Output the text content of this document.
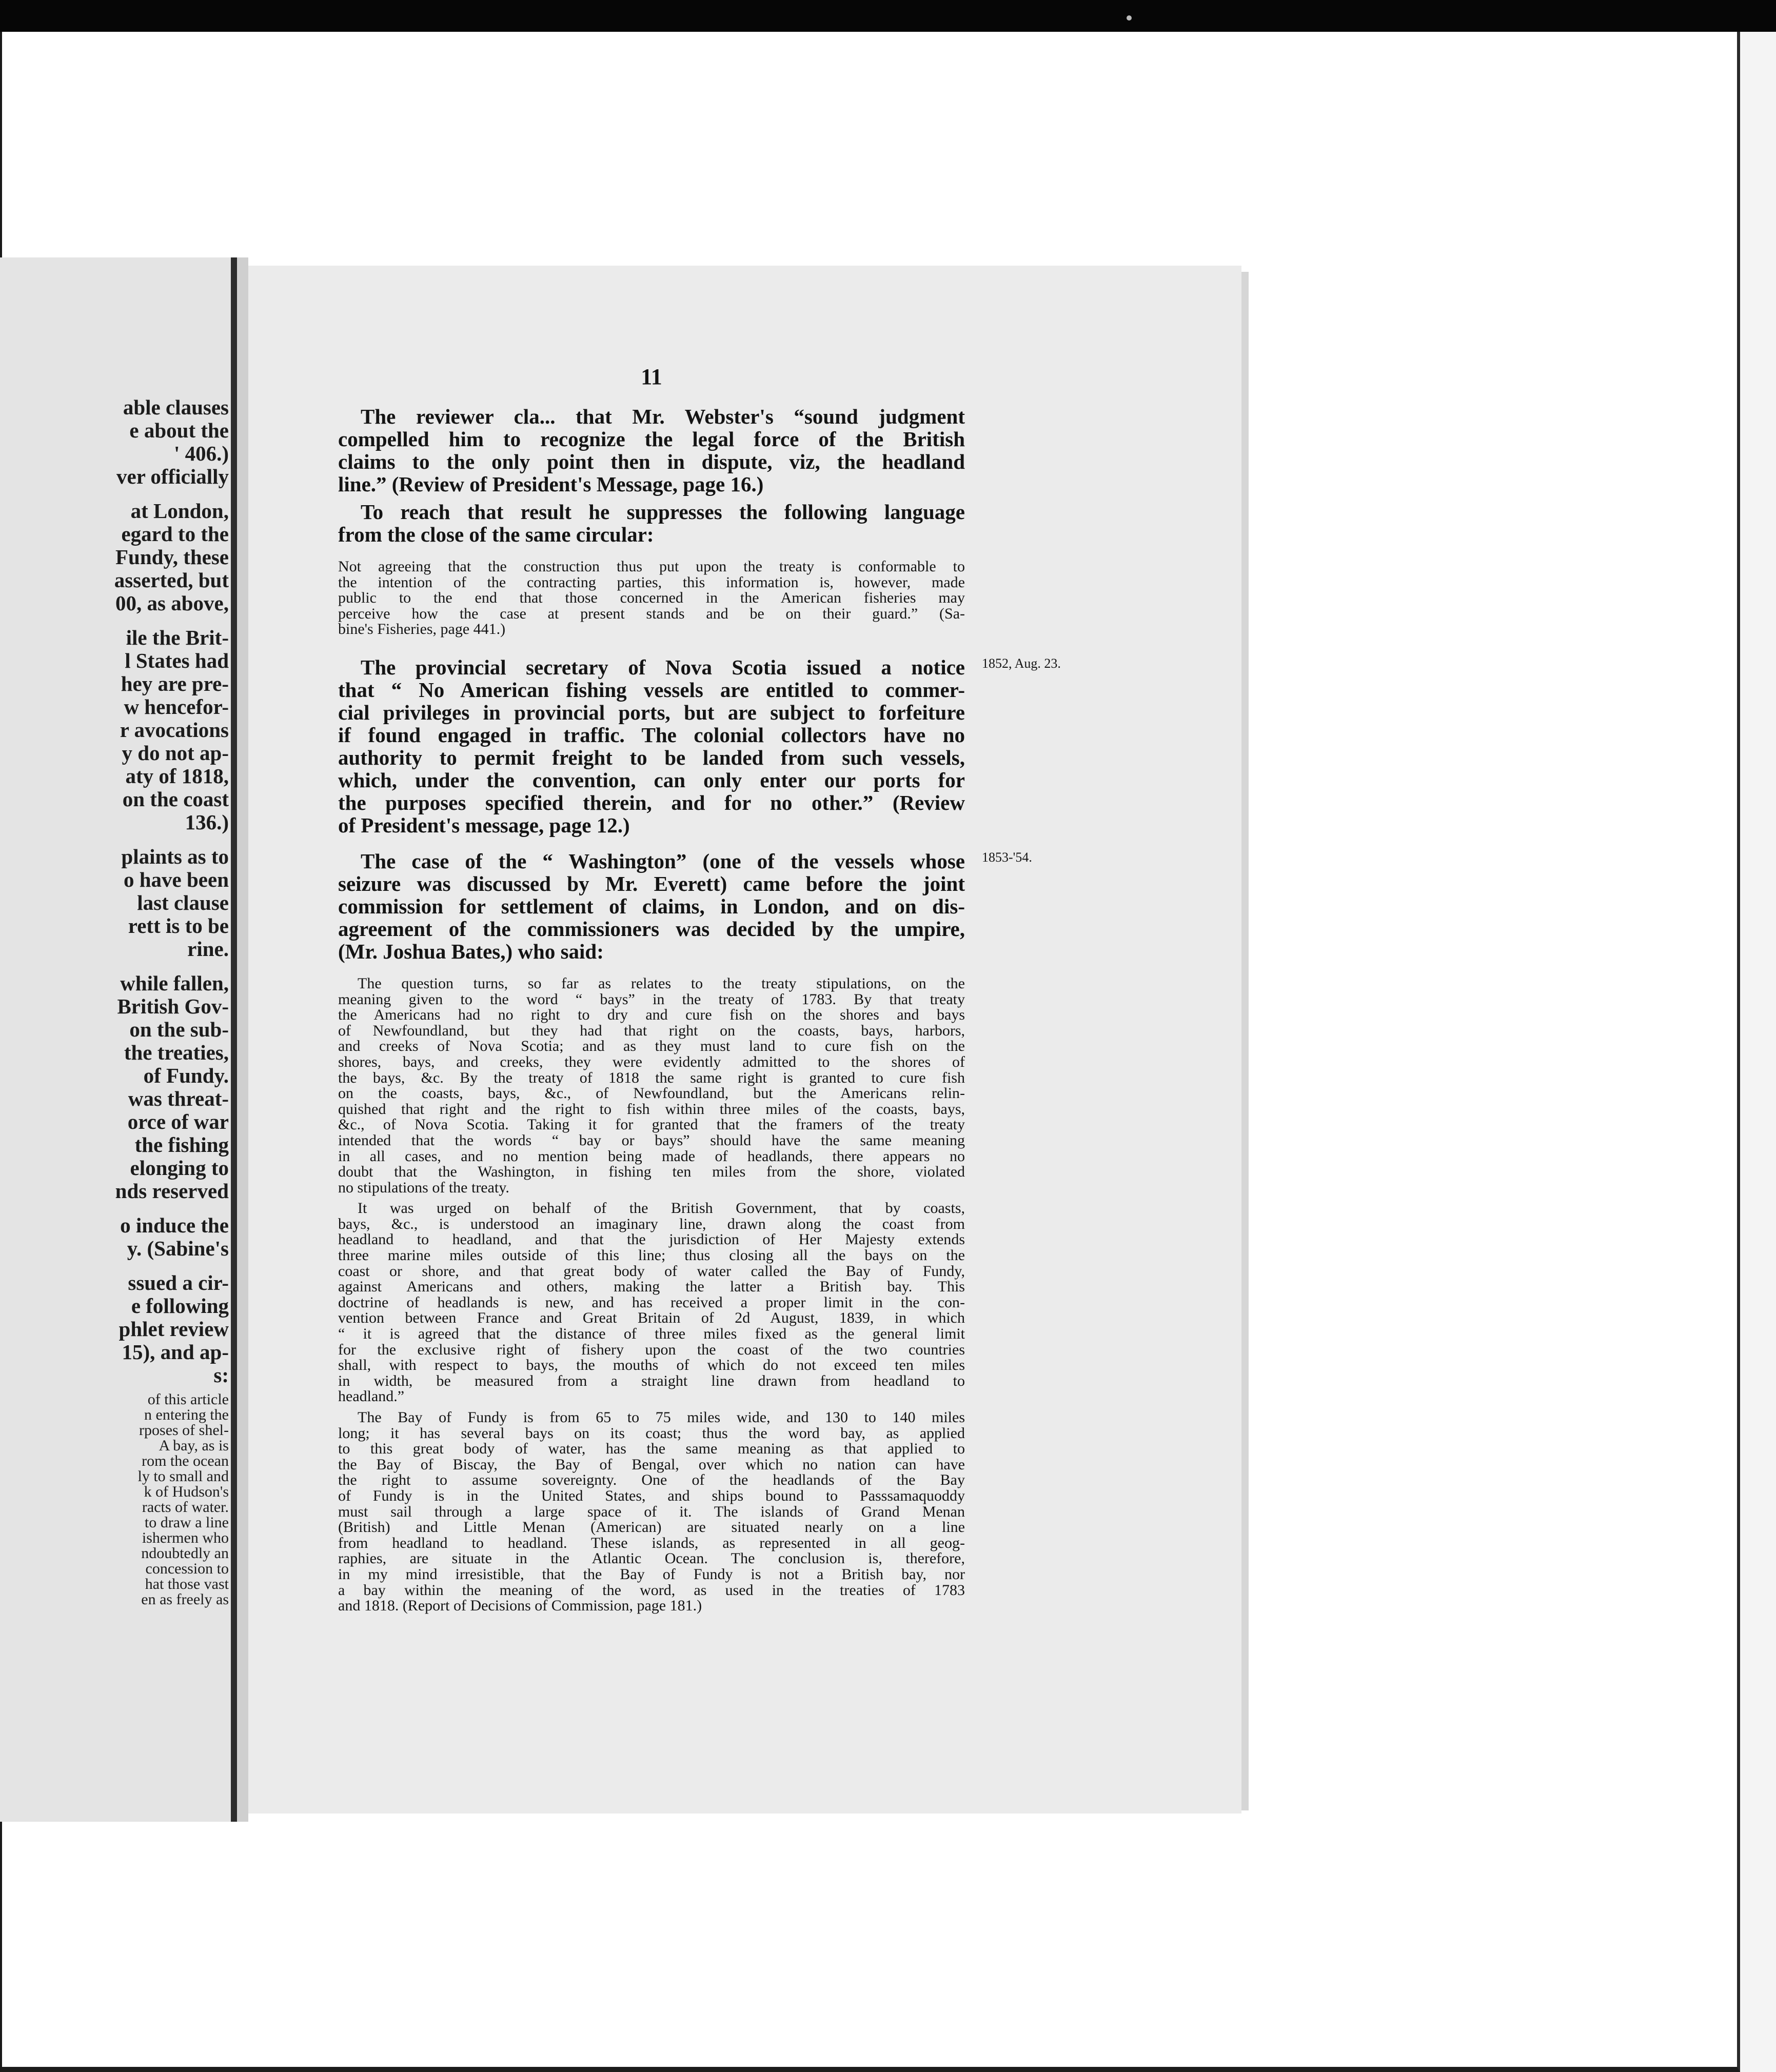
able clauses
e about the
' 406.)
ver officially
at London,
egard to the
Fundy, these
asserted, but
00, as above,
ile the Brit-
l States had
hey are pre-
w hencefor-
r avocations
y do not ap-
aty of 1818,
on the coast
136.)
plaints as to
o have been
last clause
rett is to be
rine.
while fallen,
British Gov-
on the sub-
the treaties,
of Fundy.
was threat-
orce of war
the fishing
elonging to
nds reserved
o induce the
y. (Sabine's
ssued a cir-
e following
phlet review
15), and ap-
s:
of this article
n entering the
rposes of shel-
A bay, as is
rom the ocean
ly to small and
k of Hudson's
racts of water.
to draw a line
ishermen who
ndoubtedly an
concession to
hat those vast
en as freely as
11
The reviewer cla... that Mr. Webster's “sound judgment
compelled him to recognize the legal force of the British
claims to the only point then in dispute, viz, the headland
line.” (Review of President's Message, page 16.)
To reach that result he suppresses the following language
from the close of the same circular:
Not agreeing that the construction thus put upon the treaty is conformable to
the intention of the contracting parties, this information is, however, made
public to the end that those concerned in the American fisheries may
perceive how the case at present stands and be on their guard.” (Sa-
bine's Fisheries, page 441.)
1852, Aug. 23.
The provincial secretary of Nova Scotia issued a notice
that “ No American fishing vessels are entitled to commer-
cial privileges in provincial ports, but are subject to forfeiture
if found engaged in traffic. The colonial collectors have no
authority to permit freight to be landed from such vessels,
which, under the convention, can only enter our ports for
the purposes specified therein, and for no other.” (Review
of President's message, page 12.)
1853-'54.
The case of the “ Washington” (one of the vessels whose
seizure was discussed by Mr. Everett) came before the joint
commission for settlement of claims, in London, and on dis-
agreement of the commissioners was decided by the umpire,
(Mr. Joshua Bates,) who said:
The question turns, so far as relates to the treaty stipulations, on the
meaning given to the word “ bays” in the treaty of 1783. By that treaty
the Americans had no right to dry and cure fish on the shores and bays
of Newfoundland, but they had that right on the coasts, bays, harbors,
and creeks of Nova Scotia; and as they must land to cure fish on the
shores, bays, and creeks, they were evidently admitted to the shores of
the bays, &c. By the treaty of 1818 the same right is granted to cure fish
on the coasts, bays, &c., of Newfoundland, but the Americans relin-
quished that right and the right to fish within three miles of the coasts, bays,
&c., of Nova Scotia. Taking it for granted that the framers of the treaty
intended that the words “ bay or bays” should have the same meaning
in all cases, and no mention being made of headlands, there appears no
doubt that the Washington, in fishing ten miles from the shore, violated
no stipulations of the treaty.
It was urged on behalf of the British Government, that by coasts,
bays, &c., is understood an imaginary line, drawn along the coast from
headland to headland, and that the jurisdiction of Her Majesty extends
three marine miles outside of this line; thus closing all the bays on the
coast or shore, and that great body of water called the Bay of Fundy,
against Americans and others, making the latter a British bay. This
doctrine of headlands is new, and has received a proper limit in the con-
vention between France and Great Britain of 2d August, 1839, in which
“ it is agreed that the distance of three miles fixed as the general limit
for the exclusive right of fishery upon the coast of the two countries
shall, with respect to bays, the mouths of which do not exceed ten miles
in width, be measured from a straight line drawn from headland to
headland.”
The Bay of Fundy is from 65 to 75 miles wide, and 130 to 140 miles
long; it has several bays on its coast; thus the word bay, as applied
to this great body of water, has the same meaning as that applied to
the Bay of Biscay, the Bay of Bengal, over which no nation can have
the right to assume sovereignty. One of the headlands of the Bay
of Fundy is in the United States, and ships bound to Passsamaquoddy
must sail through a large space of it. The islands of Grand Menan
(British) and Little Menan (American) are situated nearly on a line
from headland to headland. These islands, as represented in all geog-
raphies, are situate in the Atlantic Ocean. The conclusion is, therefore,
in my mind irresistible, that the Bay of Fundy is not a British bay, nor
a bay within the meaning of the word, as used in the treaties of 1783
and 1818. (Report of Decisions of Commission, page 181.)
